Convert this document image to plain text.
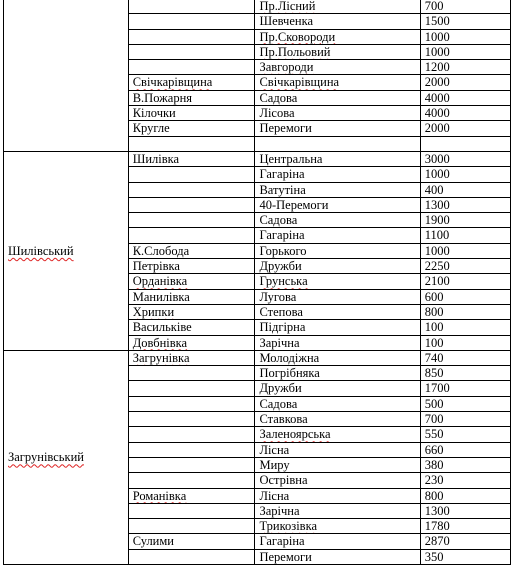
		Пр.Лісний	700
		Шевченка	1500
		Пр.Сковороди	1000
		Пр.Польовий	1000
		Завгороди	1200
	Свічкарівщина	Свічкарівщина	2000
	В.Пожарня	Садова	4000
	Кілочки	Лісова	4000
	Кругле	Перемоги	2000

Шилівський	Шилівка	Центральна	3000
		Гагаріна	1000
		Ватутіна	400
		40-Перемоги	1300
		Садова	1900
		Гагаріна	1100
	К.Слобода	Горького	1000
	Петрівка	Дружби	2250
	Орданівка	Грунська	2100
	Манилівка	Лугова	600
	Хрипки	Степова	800
	Васильківе	Підгірна	100
	Довбнівка	Зарічна	100
Загрунівський	Загрунівка	Молодіжна	740
		Погрібняка	850
		Дружби	1700
		Садова	500
		Ставкова	700
		Заленоярська	550
		Лісна	660
		Миру	380
		Острівна	230
	Романівка	Лісна	800
		Зарічна	1300
		Трикозівка	1780
	Сулими	Гагаріна	2870
		Перемоги	350
